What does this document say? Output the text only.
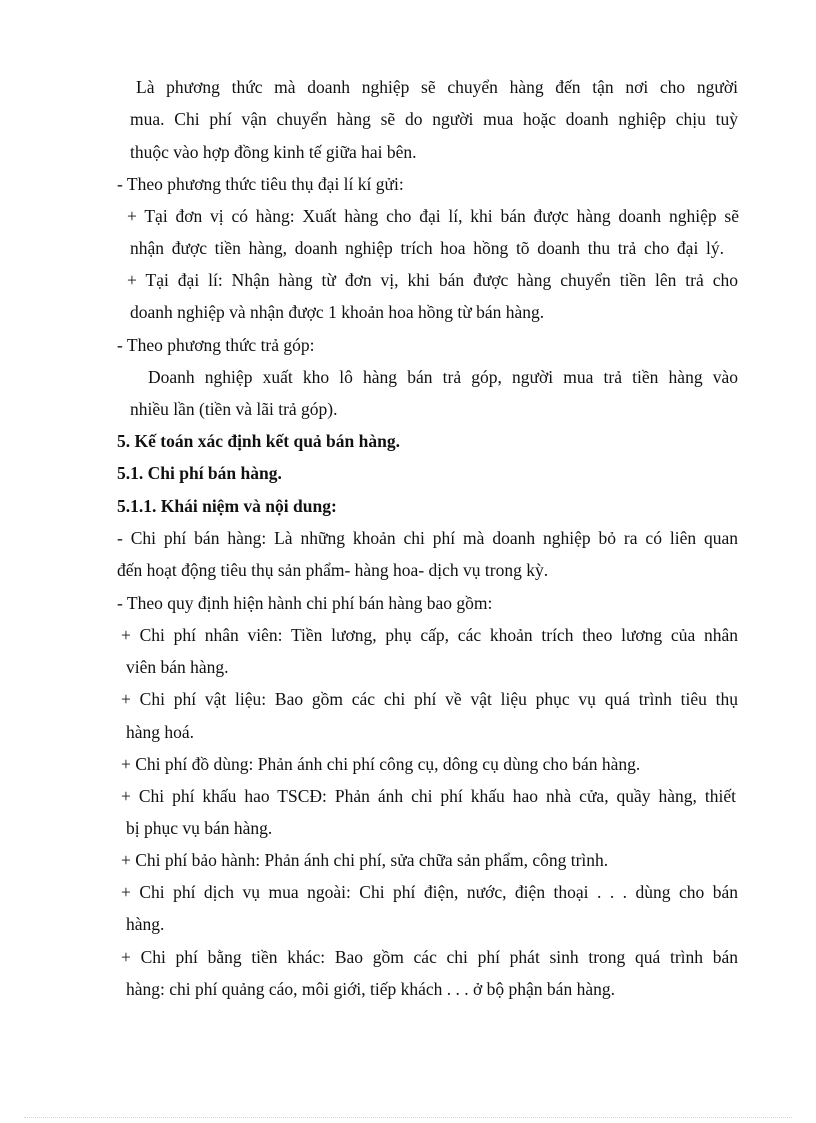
Là phương thức mà doanh nghiệp sẽ chuyển hàng đến tận nơi cho người
mua. Chi phí vận chuyển hàng sẽ do người mua hoặc doanh nghiệp chịu tuỳ
thuộc vào hợp đồng kinh tế giữa hai bên.
- Theo phương thức tiêu thụ đại lí kí gửi:
+ Tại đơn vị có hàng: Xuất hàng cho đại lí, khi bán được hàng doanh nghiệp sẽ
nhận được tiền hàng, doanh nghiệp trích hoa hồng tõ doanh thu trả cho đại lý.
+ Tại đại lí: Nhận hàng từ đơn vị, khi bán được hàng chuyển tiền lên trả cho
doanh nghiệp và nhận được 1 khoản hoa hồng từ bán hàng.
- Theo phương thức trả góp:
Doanh nghiệp xuất kho lô hàng bán trả góp, người mua trả tiền hàng vào
nhiều lần (tiền và lãi trả góp).
5. Kế toán xác định kết quả bán hàng.
5.1. Chi phí bán hàng.
5.1.1. Khái niệm và nội dung:
- Chi phí bán hàng: Là những khoản chi phí mà doanh nghiệp bỏ ra có liên quan
đến hoạt động tiêu thụ sản phẩm- hàng hoa- dịch vụ trong kỳ.
- Theo quy định hiện hành chi phí bán hàng bao gồm:
+ Chi phí nhân viên: Tiền lương, phụ cấp, các khoản trích theo lương của nhân
viên bán hàng.
+ Chi phí vật liệu: Bao gồm các chi phí về vật liệu phục vụ quá trình tiêu thụ
hàng hoá.
+ Chi phí đồ dùng: Phản ánh chi phí công cụ, dông cụ dùng cho bán hàng.
+ Chi phí khấu hao TSCĐ: Phản ánh chi phí khấu hao nhà cửa, quầy hàng, thiết
bị phục vụ bán hàng.
+ Chi phí bảo hành: Phản ánh chi phí, sửa chữa sản phẩm, công trình.
+ Chi phí dịch vụ mua ngoài: Chi phí điện, nước, điện thoại . . . dùng cho bán
hàng.
+ Chi phí bằng tiền khác: Bao gồm các chi phí phát sinh trong quá trình bán
hàng: chi phí quảng cáo, môi giới, tiếp khách . . . ở bộ phận bán hàng.
